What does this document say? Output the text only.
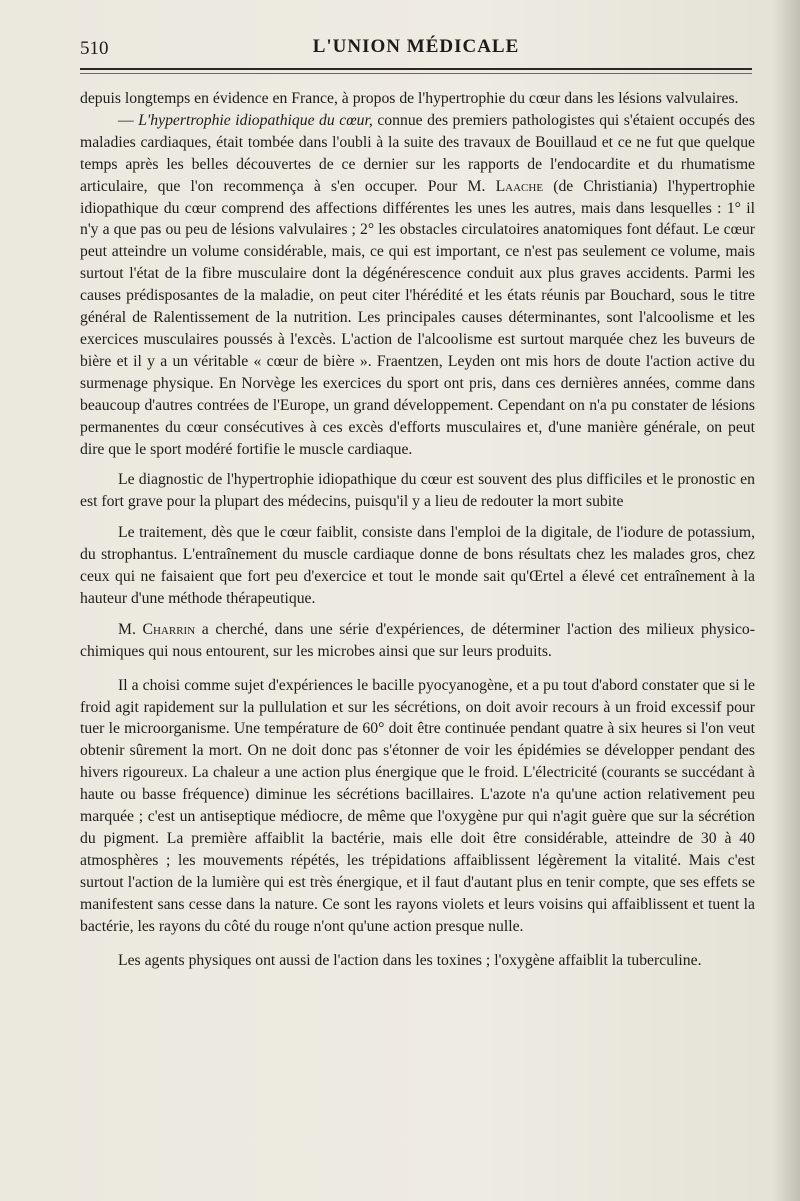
510	L'UNION MÉDICALE

depuis longtemps en évidence en France, à propos de l'hypertrophie du cœur dans les lésions valvulaires.

— L'hypertrophie idiopathique du cœur, connue des premiers pathologistes qui s'étaient occupés des maladies cardiaques, était tombée dans l'oubli à la suite des travaux de Bouillaud et ce ne fut que quelque temps après les belles découvertes de ce dernier sur les rapports de l'endocardite et du rhumatisme articulaire, que l'on recommença à s'en occuper. Pour M. Laache (de Christiania) l'hypertrophie idiopathique du cœur comprend des affections différentes les unes les autres, mais dans lesquelles : 1° il n'y a que pas ou peu de lésions valvulaires ; 2° les obstacles circulatoires anatomiques font défaut. Le cœur peut atteindre un volume considérable, mais, ce qui est important, ce n'est pas seulement ce volume, mais surtout l'état de la fibre musculaire dont la dégénérescence conduit aux plus graves accidents. Parmi les causes prédisposantes de la maladie, on peut citer l'hérédité et les états réunis par Bouchard, sous le titre général de Ralentissement de la nutrition. Les principales causes déterminantes, sont l'alcoolisme et les exercices musculaires poussés à l'excès. L'action de l'alcoolisme est surtout marquée chez les buveurs de bière et il y a un véritable « cœur de bière ». Fraentzen, Leyden ont mis hors de doute l'action active du surmenage physique. En Norvège les exercices du sport ont pris, dans ces dernières années, comme dans beaucoup d'autres contrées de l'Europe, un grand développement. Cependant on n'a pu constater de lésions permanentes du cœur consécutives à ces excès d'efforts musculaires et, d'une manière générale, on peut dire que le sport modéré fortifie le muscle cardiaque.

Le diagnostic de l'hypertrophie idiopathique du cœur est souvent des plus difficiles et le pronostic en est fort grave pour la plupart des médecins, puisqu'il y a lieu de redouter la mort subite

Le traitement, dès que le cœur faiblit, consiste dans l'emploi de la digitale, de l'iodure de potassium, du strophantus. L'entraînement du muscle cardiaque donne de bons résultats chez les malades gros, chez ceux qui ne faisaient que fort peu d'exercice et tout le monde sait qu'Œrtel a élevé cet entraînement à la hauteur d'une méthode thérapeutique.

M. Charrin a cherché, dans une série d'expériences, de déterminer l'action des milieux physico-chimiques qui nous entourent, sur les microbes ainsi que sur leurs produits.

Il a choisi comme sujet d'expériences le bacille pyocyanogène, et a pu tout d'abord constater que si le froid agit rapidement sur la pullulation et sur les sécrétions, on doit avoir recours à un froid excessif pour tuer le microorganisme. Une température de 60° doit être continuée pendant quatre à six heures si l'on veut obtenir sûrement la mort. On ne doit donc pas s'étonner de voir les épidémies se développer pendant des hivers rigoureux. La chaleur a une action plus énergique que le froid. L'électricité (courants se succédant à haute ou basse fréquence) diminue les sécrétions bacillaires. L'azote n'a qu'une action relativement peu marquée ; c'est un antiseptique médiocre, de même que l'oxygène pur qui n'agit guère que sur la sécrétion du pigment. La première affaiblit la bactérie, mais elle doit être considérable, atteindre de 30 à 40 atmosphères ; les mouvements répétés, les trépidations affaiblissent légèrement la vitalité. Mais c'est surtout l'action de la lumière qui est très énergique, et il faut d'autant plus en tenir compte, que ses effets se manifestent sans cesse dans la nature. Ce sont les rayons violets et leurs voisins qui affaiblissent et tuent la bactérie, les rayons du côté du rouge n'ont qu'une action presque nulle.

Les agents physiques ont aussi de l'action dans les toxines ; l'oxygène affaiblit la tuberculine.
